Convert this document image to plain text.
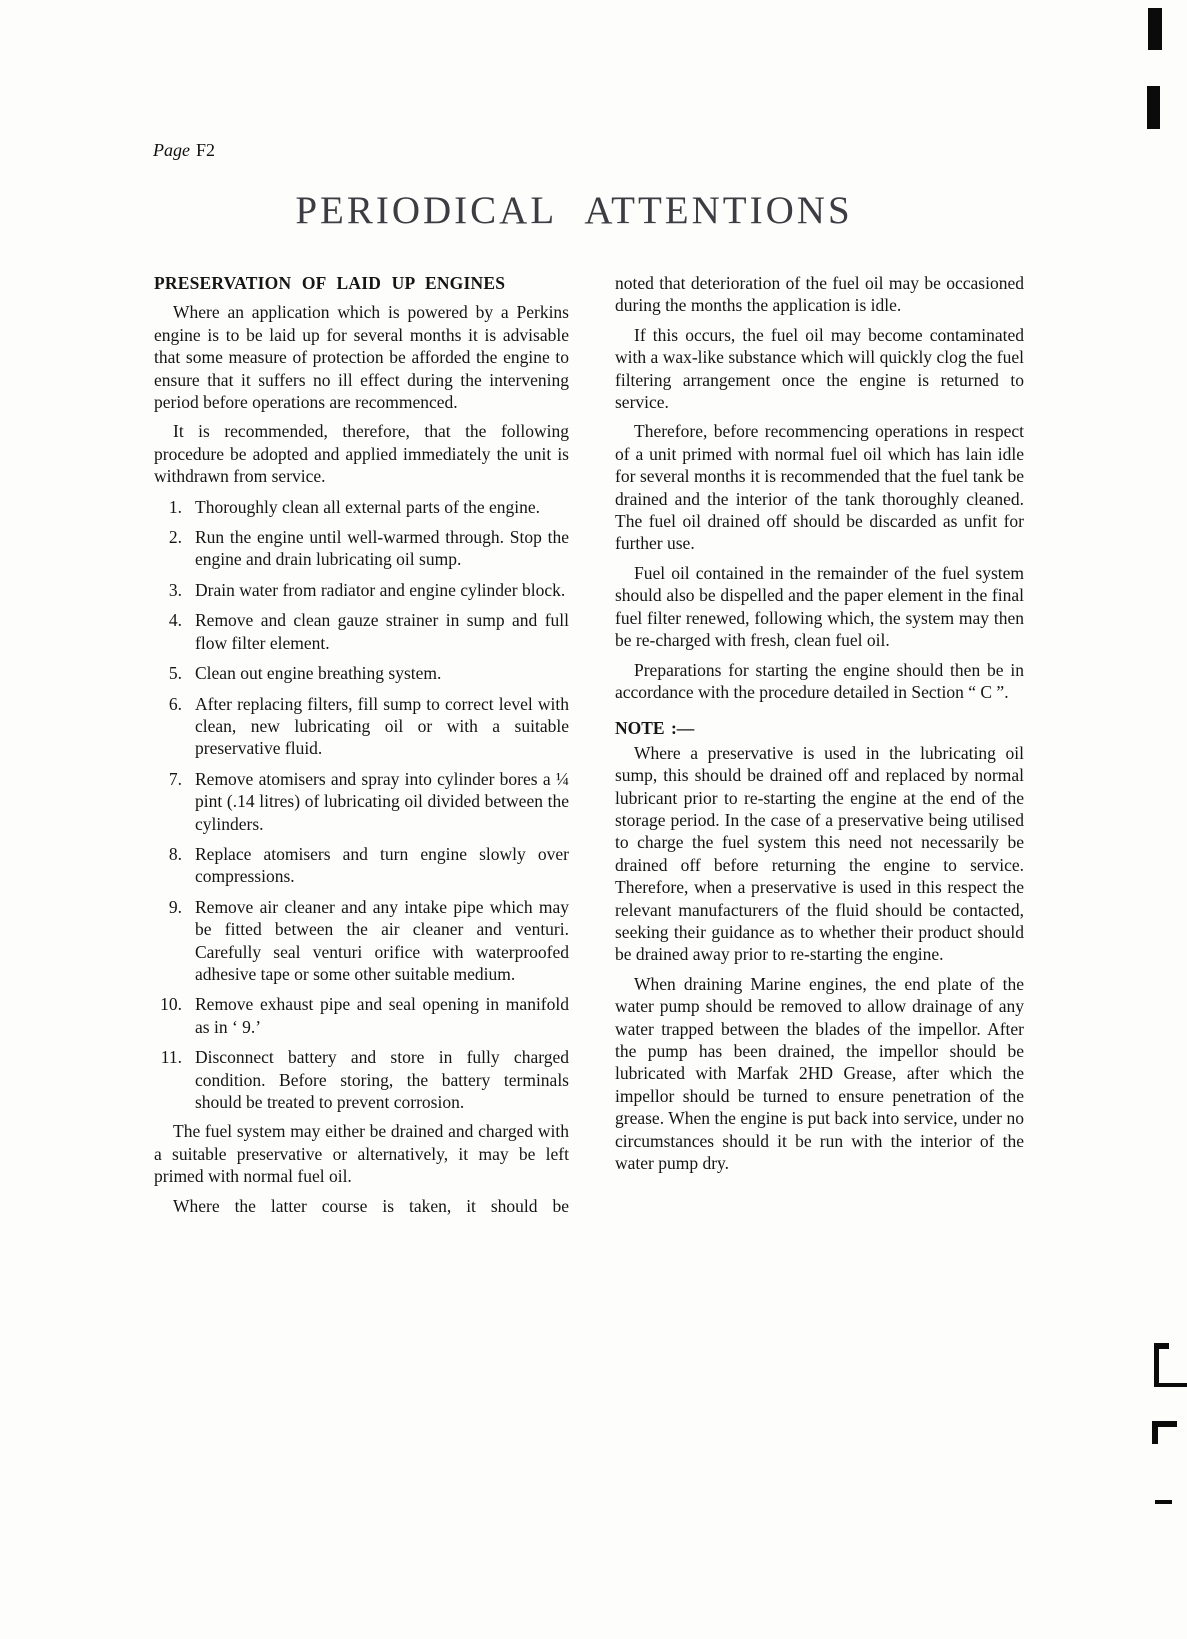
Page F2
PERIODICAL ATTENTIONS
PRESERVATION OF LAID UP ENGINES

Where an application which is powered by a Perkins engine is to be laid up for several months it is advisable that some measure of protection be afforded the engine to ensure that it suffers no ill effect during the intervening period before operations are recommenced.

It is recommended, therefore, that the following procedure be adopted and applied immediately the unit is withdrawn from service.

1. Thoroughly clean all external parts of the engine.
2. Run the engine until well-warmed through. Stop the engine and drain lubricating oil sump.
3. Drain water from radiator and engine cylinder block.
4. Remove and clean gauze strainer in sump and full flow filter element.
5. Clean out engine breathing system.
6. After replacing filters, fill sump to correct level with clean, new lubricating oil or with a suitable preservative fluid.
7. Remove atomisers and spray into cylinder bores a ¼ pint (.14 litres) of lubricating oil divided between the cylinders.
8. Replace atomisers and turn engine slowly over compressions.
9. Remove air cleaner and any intake pipe which may be fitted between the air cleaner and venturi. Carefully seal venturi orifice with waterproofed adhesive tape or some other suitable medium.
10. Remove exhaust pipe and seal opening in manifold as in ‘ 9.’
11. Disconnect battery and store in fully charged condition. Before storing, the battery terminals should be treated to prevent corrosion.

The fuel system may either be drained and charged with a suitable preservative or alternatively, it may be left primed with normal fuel oil.

Where the latter course is taken, it should be

noted that deterioration of the fuel oil may be occasioned during the months the application is idle.

If this occurs, the fuel oil may become contaminated with a wax-like substance which will quickly clog the fuel filtering arrangement once the engine is returned to service.

Therefore, before recommencing operations in respect of a unit primed with normal fuel oil which has lain idle for several months it is recommended that the fuel tank be drained and the interior of the tank thoroughly cleaned. The fuel oil drained off should be discarded as unfit for further use.

Fuel oil contained in the remainder of the fuel system should also be dispelled and the paper element in the final fuel filter renewed, following which, the system may then be re-charged with fresh, clean fuel oil.

Preparations for starting the engine should then be in accordance with the procedure detailed in Section “ C ”.

NOTE :—

Where a preservative is used in the lubricating oil sump, this should be drained off and replaced by normal lubricant prior to re-starting the engine at the end of the storage period. In the case of a preservative being utilised to charge the fuel system this need not necessarily be drained off before returning the engine to service. Therefore, when a preservative is used in this respect the relevant manufacturers of the fluid should be contacted, seeking their guidance as to whether their product should be drained away prior to re-starting the engine.

When draining Marine engines, the end plate of the water pump should be removed to allow drainage of any water trapped between the blades of the impellor. After the pump has been drained, the impellor should be lubricated with Marfak 2HD Grease, after which the impellor should be turned to ensure penetration of the grease. When the engine is put back into service, under no circumstances should it be run with the interior of the water pump dry.
